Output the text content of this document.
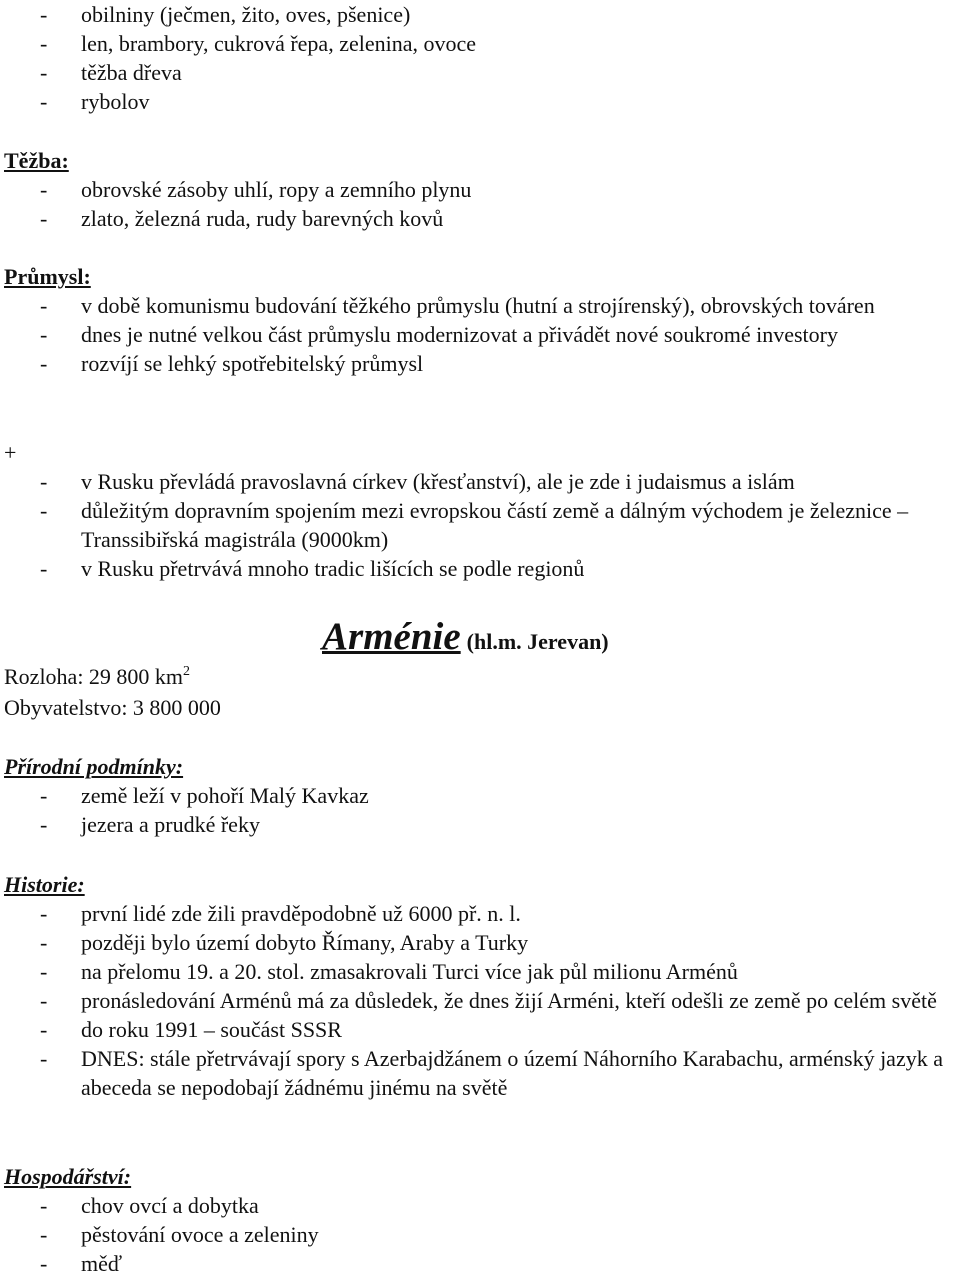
- obilniny (ječmen, žito, oves, pšenice)
- len, brambory, cukrová řepa, zelenina, ovoce
- těžba dřeva
- rybolov
Těžba:
- obrovské zásoby uhlí, ropy a zemního plynu
- zlato, železná ruda, rudy barevných kovů
Průmysl:
- v době komunismu budování těžkého průmyslu (hutní a strojírenský), obrovských továren
- dnes je nutné velkou část průmyslu modernizovat a přivádět nové soukromé investory
- rozvíjí se lehký spotřebitelský průmysl
+
- v Rusku převládá pravoslavná církev (křesťanství), ale je zde i judaismus a islám
- důležitým dopravním spojením mezi evropskou částí země a dálným východem je železnice – Transsibiřská magistrála (9000km)
- v Rusku přetrvává mnoho tradic lišících se podle regionů
Arménie (hl.m. Jerevan)
Rozloha: 29 800 $km^2$
Obyvatelstvo: 3 800 000
Přírodní podmínky:
- země leží v pohoří Malý Kavkaz
- jezera a prudké řeky
Historie:
- první lidé zde žili pravděpodobně už 6000 př. n. l.
- později bylo území dobyto Římany, Araby a Turky
- na přelomu 19. a 20. stol. zmasakrovali Turci více jak půl milionu Arménů
- pronásledování Arménů má za důsledek, že dnes žijí Arméni, kteří odešli ze země po celém světě
- do roku 1991 – součást SSSR
- DNES: stále přetrvávají spory s Azerbajdžánem o území Náhorního Karabachu, arménský jazyk a abeceda se nepodobají žádnému jinému na světě
Hospodářství:
- chov ovcí a dobytka
- pěstování ovoce a zeleniny
- měď
